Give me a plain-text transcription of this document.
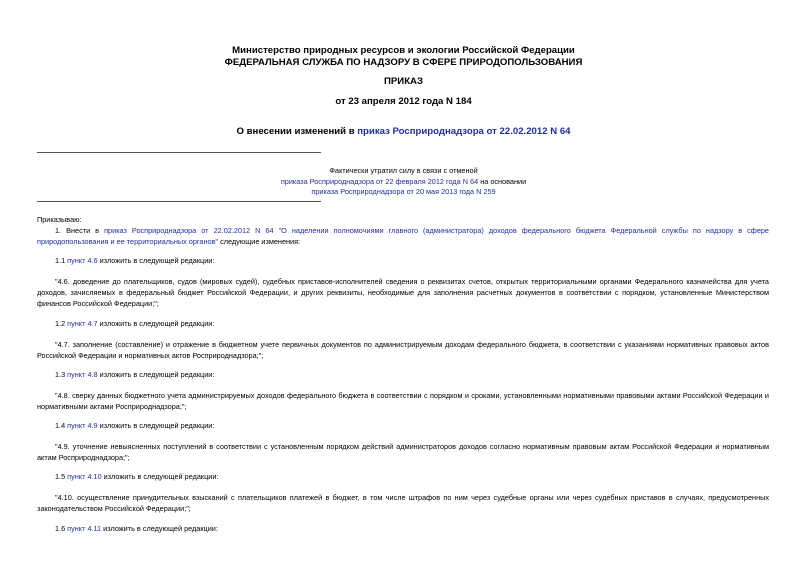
Министерство природных ресурсов и экологии Российской Федерации
ФЕДЕРАЛЬНАЯ СЛУЖБА ПО НАДЗОРУ В СФЕРЕ ПРИРОДОПОЛЬЗОВАНИЯ
ПРИКАЗ
от 23 апреля 2012 года N 184
О внесении изменений в приказ Росприроднадзора от 22.02.2012 N 64
Фактически утратил силу в связи с отменой
приказа Росприроднадзора от 22 февраля 2012 года N 64 на основании
приказа Росприроднадзора от 20 мая 2013 года N 259
Приказываю:
1. Внести в приказ Росприроднадзора от 22.02.2012 N 64 "О наделении полномочиями главного (администратора) доходов федерального бюджета Федеральной службы по надзору в сфере природопользования и ее территориальных органов" следующие изменения:
1.1 пункт 4.6 изложить в следующей редакции:
"4.6. доведение до плательщиков, судов (мировых судей), судебных приставов-исполнителей сведения о реквизитах счетов, открытых территориальными органами Федерального казначейства для учета доходов, зачисляемых в федеральный бюджет Российской Федерации, и других реквизиты, необходимые для заполнения расчетных документов в соответствии с порядком, установленные Министерством финансов Российской Федерации;";
1.2 пункт 4.7 изложить в следующей редакции:
"4.7. заполнение (составление) и отражение в бюджетном учете первичных документов по администрируемым доходам федерального бюджета, в соответствии с указаниями нормативных правовых актов Российской Федерации и нормативных актов Росприроднадзора;";
1.3 пункт 4.8 изложить в следующей редакции:
"4.8. сверку данных бюджетного учета администрируемых доходов федерального бюджета в соответствии с порядком и сроками, установленными нормативными правовыми актами Российской Федерации и нормативными актами Росприроднадзора;";
1.4 пункт 4.9 изложить в следующей редакции:
"4.9. уточнение невыясненных поступлений в соответствии с установленным порядком действий администраторов доходов согласно нормативным правовым актам Российской Федерации и нормативным актам Росприроднадзора;";
1.5 пункт 4.10 изложить в следующей редакции:
"4.10. осуществление принудительных взысканий с плательщиков платежей в бюджет, в том числе штрафов по ним через судебные органы или через судебных приставов в случаях, предусмотренных законодательством Российской Федерации;";
1.6 пункт 4.11 изложить в следующей редакции:
